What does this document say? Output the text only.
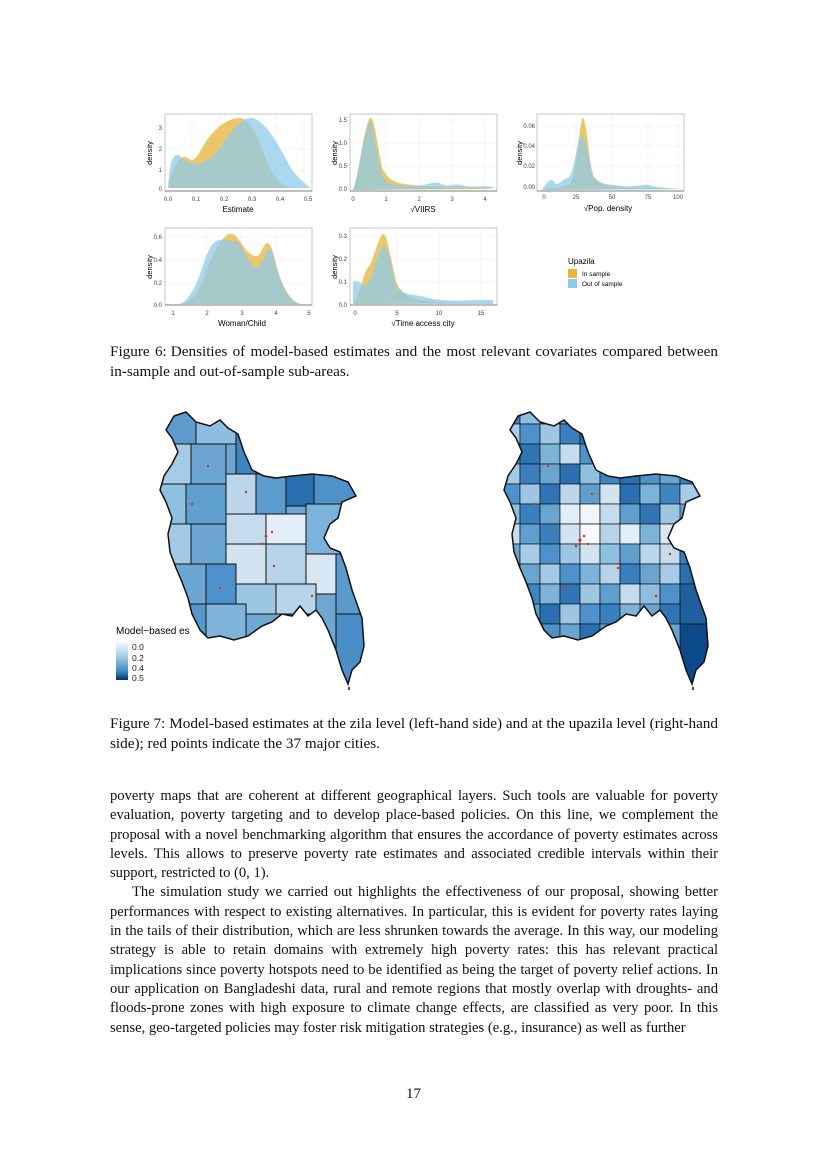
density
0
1
2
3
0.0	0.1	0.2	0.3	0.4	0.5
Estimate
density
0.0
0.5
1.0
1.5
0	1	2	3	4
√VIIRS
density
0.00
0.02
0.04
0.06
0	25	50	75	100
√Pop. density
density
0.0
0.2
0.4
0.6
1	2	3	4	5
Woman/Child
density
0.0
0.1
0.2
0.3
0	5	10	15
√Time access city
Upazila
In sample
Out of sample
Figure 6: Densities of model-based estimates and the most relevant covariates compared between in-sample and out-of-sample sub-areas.
Model−based es
0.0
0.2
0.4
0.5
Figure 7: Model-based estimates at the zila level (left-hand side) and at the upazila level (right-hand side); red points indicate the 37 major cities.

poverty maps that are coherent at different geographical layers. Such tools are valuable for poverty evaluation, poverty targeting and to develop place-based policies. On this line, we complement the proposal with a novel benchmarking algorithm that ensures the accordance of poverty estimates across levels. This allows to preserve poverty rate estimates and associated credible intervals within their support, restricted to (0, 1).

The simulation study we carried out highlights the effectiveness of our proposal, showing better performances with respect to existing alternatives. In particular, this is evident for poverty rates laying in the tails of their distribution, which are less shrunken towards the average. In this way, our modeling strategy is able to retain domains with extremely high poverty rates: this has relevant practical implications since poverty hotspots need to be identified as being the target of poverty relief actions. In our application on Bangladeshi data, rural and remote regions that mostly overlap with droughts- and floods-prone zones with high exposure to climate change effects, are classified as very poor. In this sense, geo-targeted policies may foster risk mitigation strategies (e.g., insurance) as well as further

17
